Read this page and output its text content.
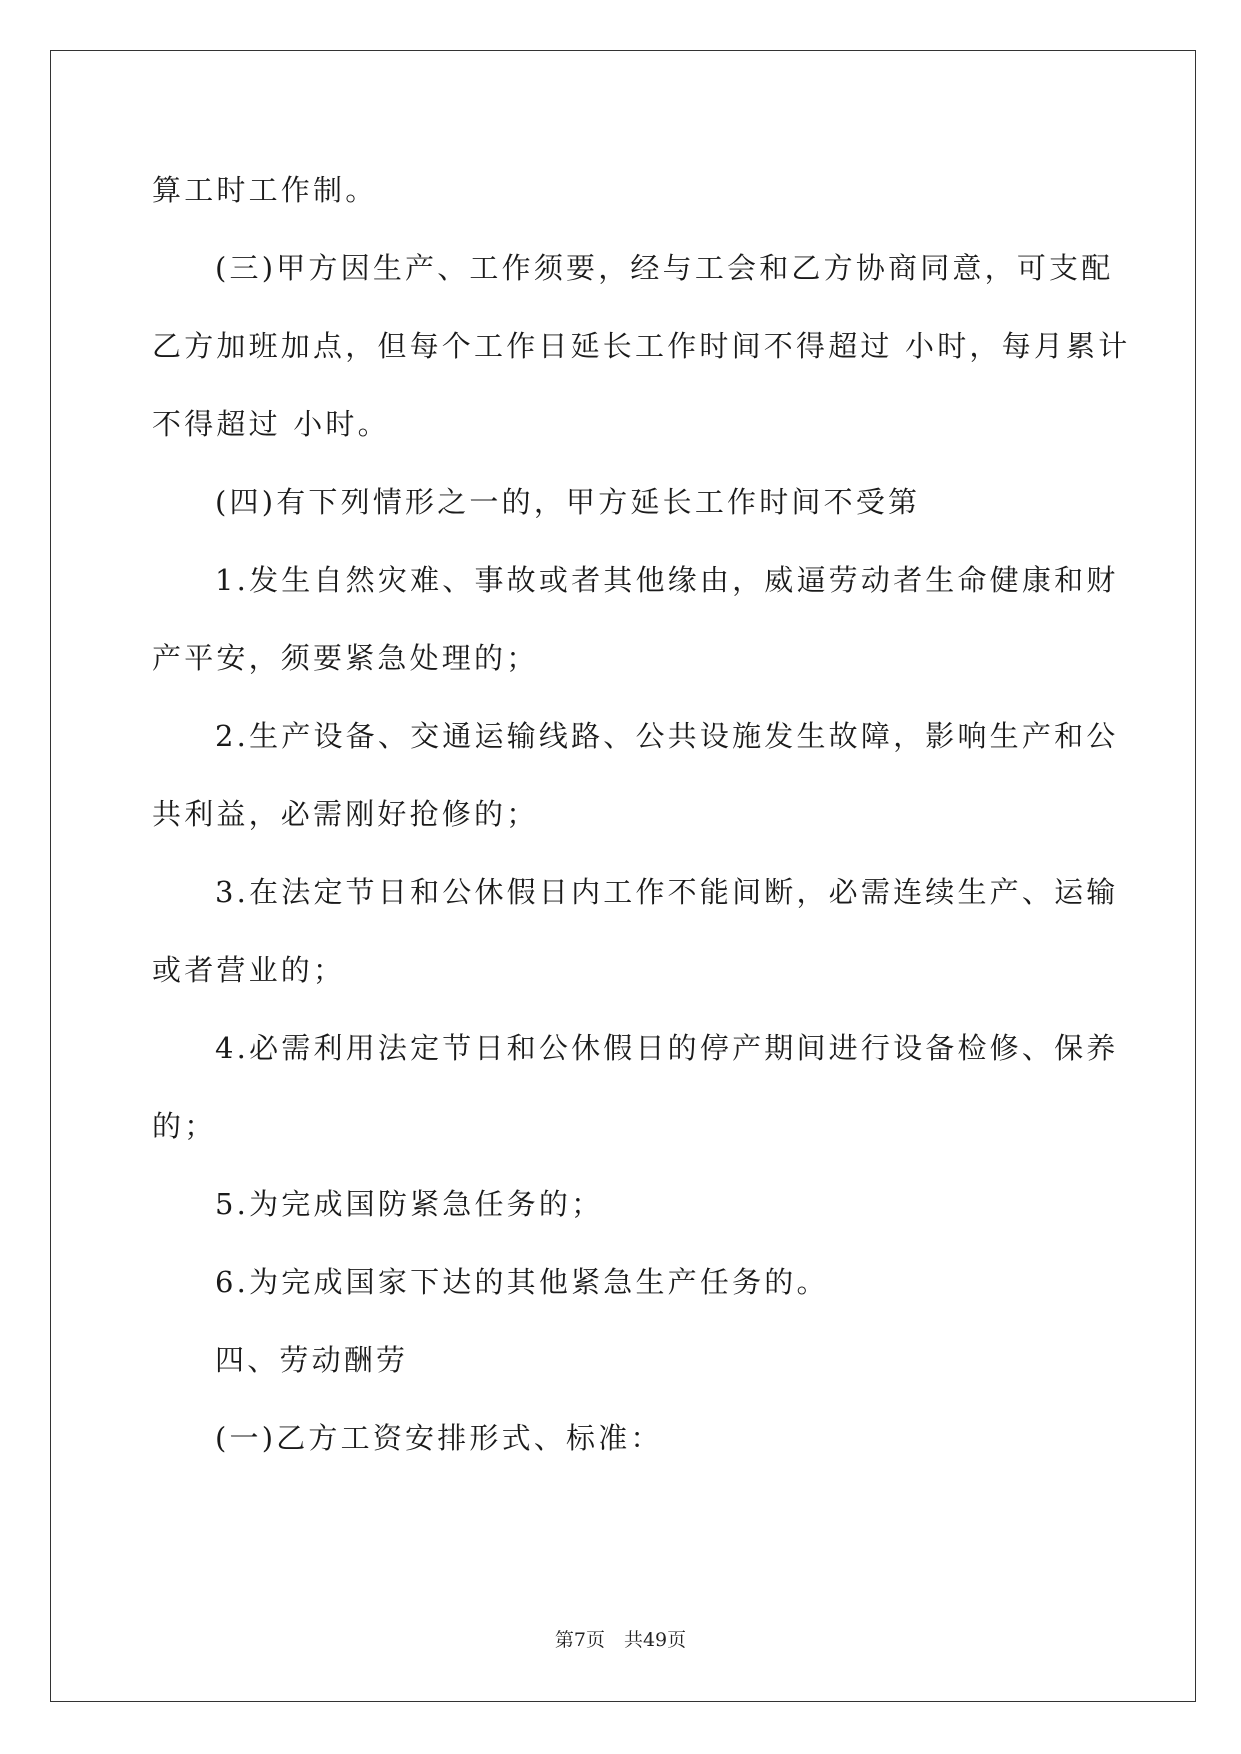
算工时工作制。
(三)甲方因生产、工作须要，经与工会和乙方协商同意，可支配
乙方加班加点，但每个工作日延长工作时间不得超过 小时，每月累计
不得超过 小时。
(四)有下列情形之一的，甲方延长工作时间不受第
1.发生自然灾难、事故或者其他缘由，威逼劳动者生命健康和财
产平安，须要紧急处理的；
2.生产设备、交通运输线路、公共设施发生故障，影响生产和公
共利益，必需刚好抢修的；
3.在法定节日和公休假日内工作不能间断，必需连续生产、运输
或者营业的；
4.必需利用法定节日和公休假日的停产期间进行设备检修、保养
的；
5.为完成国防紧急任务的；
6.为完成国家下达的其他紧急生产任务的。
四、劳动酬劳
(一)乙方工资安排形式、标准：
第7页　共49页
